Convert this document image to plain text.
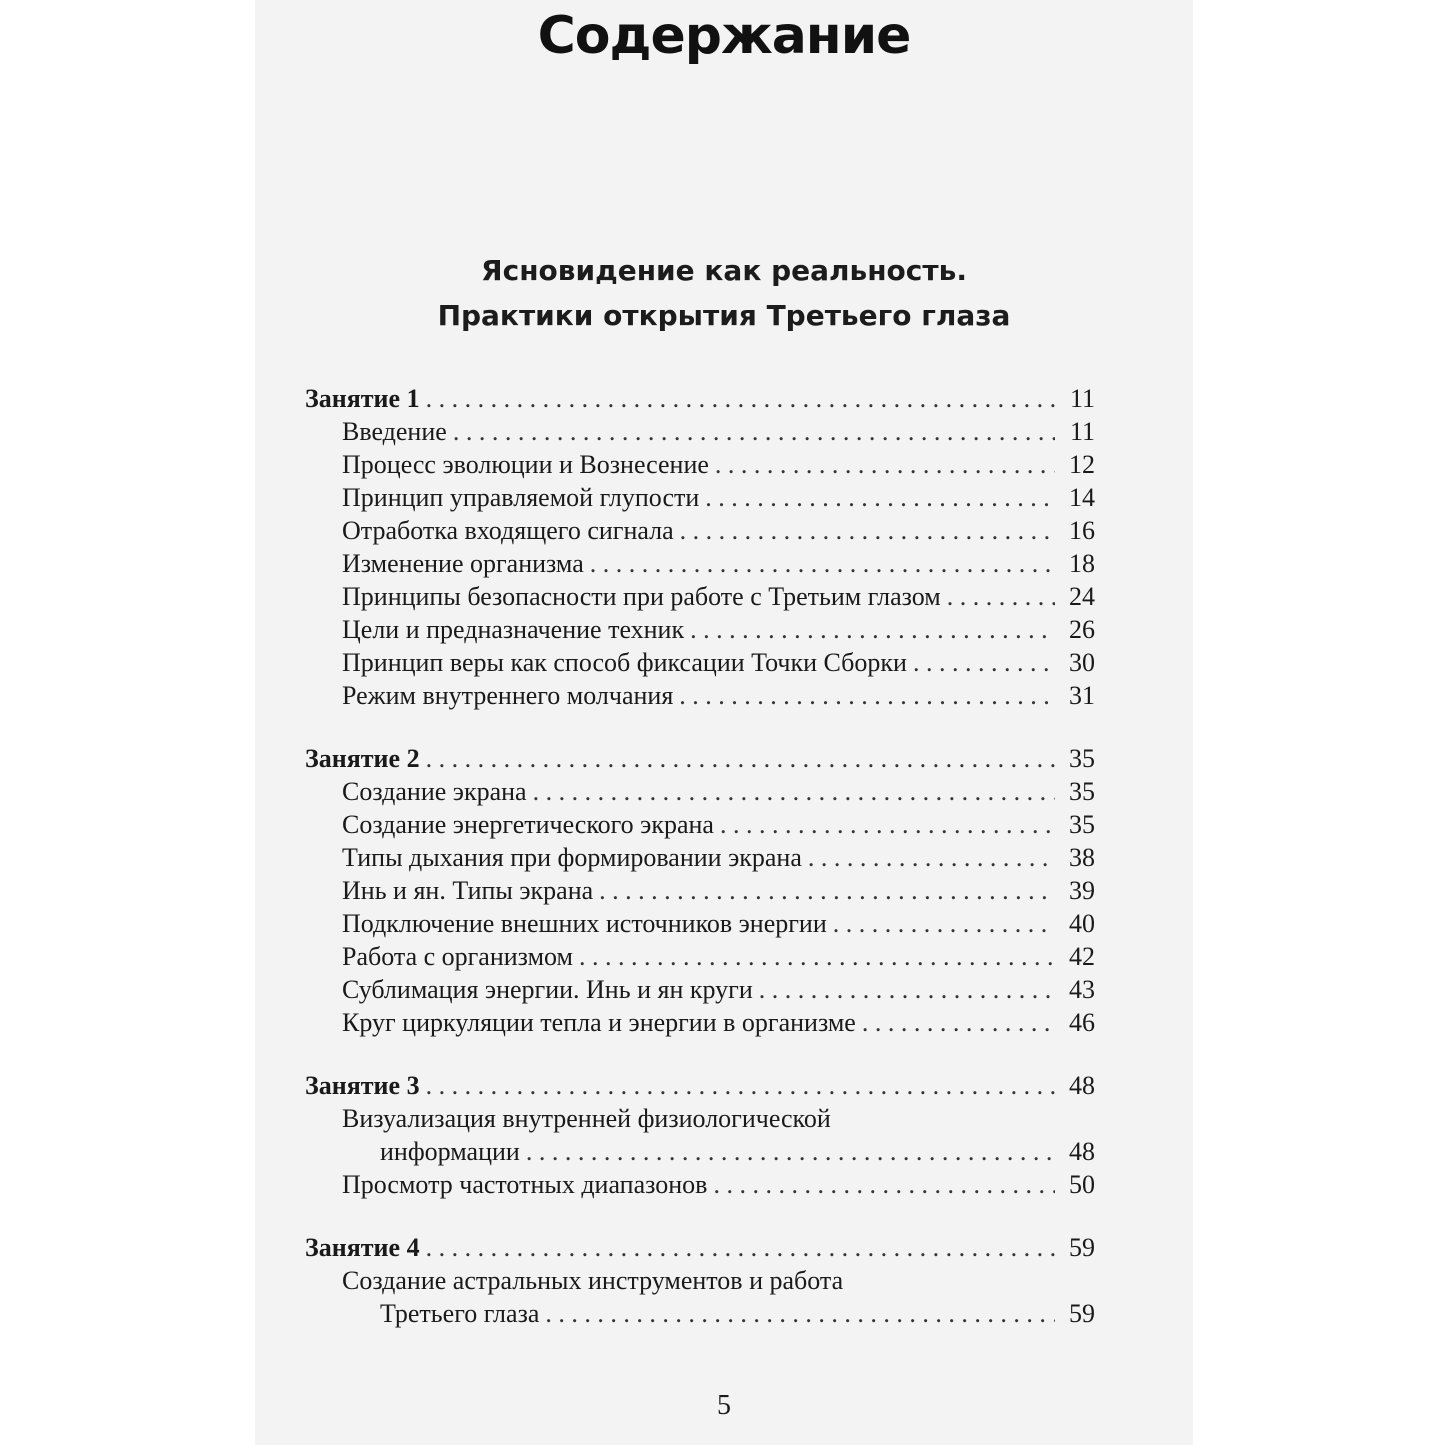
Содержание
Ясновидение как реальность.
Практики открытия Третьего глаза
Занятие 1 . . .	11
Введение . . .	11
Процесс эволюции и Вознесение . . .	12
Принцип управляемой глупости . . .	14
Отработка входящего сигнала . . .	16
Изменение организма . . .	18
Принципы безопасности при работе с Третьим глазом . . .	24
Цели и предназначение техник . . .	26
Принцип веры как способ фиксации Точки Сборки . . .	30
Режим внутреннего молчания . . .	31
Занятие 2 . . .	35
Создание экрана . . .	35
Создание энергетического экрана . . .	35
Типы дыхания при формировании экрана . . .	38
Инь и ян. Типы экрана . . .	39
Подключение внешних источников энергии . . .	40
Работа с организмом . . .	42
Сублимация энергии. Инь и ян круги . . .	43
Круг циркуляции тепла и энергии в организме . . .	46
Занятие 3 . . .	48
Визуализация внутренней физиологической
информации . . .	48
Просмотр частотных диапазонов . . .	50
Занятие 4 . . .	59
Создание астральных инструментов и работа
Третьего глаза . . .	59
5
